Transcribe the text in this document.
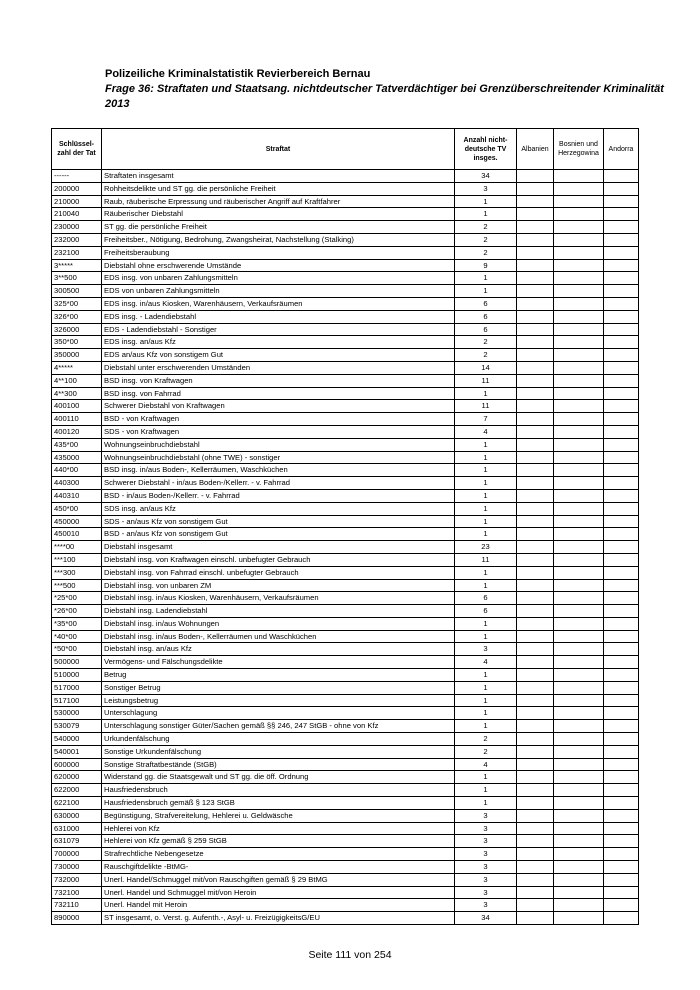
Polizeiliche Kriminalstatistik Revierbereich Bernau
Frage 36: Straftaten und Staatsang. nichtdeutscher Tatverdächtiger bei Grenzüberschreitender Kriminalität 2013
Schlüssel-zahl der Tat	Straftat	Anzahl nicht-deutsche TV insges.	Albanien	Bosnien und Herzegowina	Andorra
------	Straftaten insgesamt	34			
200000	Rohheitsdelikte und ST gg. die persönliche Freiheit	3			
210000	Raub, räuberische Erpressung und räuberischer Angriff auf Kraftfahrer	1			
210040	Räuberischer Diebstahl	1			
230000	ST gg. die persönliche Freiheit	2			
232000	Freiheitsber., Nötigung, Bedrohung, Zwangsheirat, Nachstellung (Stalking)	2			
232100	Freiheitsberaubung	2			
3*****	Diebstahl ohne erschwerende Umstände	9			
3**500	EDS insg. von unbaren Zahlungsmitteln	1			
300500	EDS von unbaren Zahlungsmitteln	1			
325*00	EDS insg. in/aus Kiosken, Warenhäusern, Verkaufsräumen	6			
326*00	EDS insg. - Ladendiebstahl	6			
326000	EDS - Ladendiebstahl - Sonstiger	6			
350*00	EDS insg. an/aus Kfz	2			
350000	EDS an/aus Kfz von sonstigem Gut	2			
4*****	Diebstahl unter erschwerenden Umständen	14			
4**100	BSD insg. von Kraftwagen	11			
4**300	BSD insg. von Fahrrad	1			
400100	Schwerer Diebstahl von Kraftwagen	11			
400110	BSD - von Kraftwagen	7			
400120	SDS - von Kraftwagen	4			
435*00	Wohnungseinbruchdiebstahl	1			
435000	Wohnungseinbruchdiebstahl (ohne TWE) - sonstiger	1			
440*00	BSD insg. in/aus Boden-, Kellerräumen, Waschküchen	1			
440300	Schwerer Diebstahl - in/aus Boden-/Kellerr. - v. Fahrrad	1			
440310	BSD - in/aus Boden-/Kellerr. - v. Fahrrad	1			
450*00	SDS insg. an/aus Kfz	1			
450000	SDS - an/aus Kfz von sonstigem Gut	1			
450010	BSD - an/aus Kfz von sonstigem Gut	1			
****00	Diebstahl insgesamt	23			
***100	Diebstahl insg. von Kraftwagen einschl. unbefugter Gebrauch	11			
***300	Diebstahl insg. von Fahrrad einschl. unbefugter Gebrauch	1			
***500	Diebstahl insg. von unbaren ZM	1			
*25*00	Diebstahl insg. in/aus Kiosken, Warenhäusern, Verkaufsräumen	6			
*26*00	Diebstahl insg. Ladendiebstahl	6			
*35*00	Diebstahl insg. in/aus Wohnungen	1			
*40*00	Diebstahl insg. in/aus Boden-, Kellerräumen und Waschküchen	1			
*50*00	Diebstahl insg. an/aus Kfz	3			
500000	Vermögens- und Fälschungsdelikte	4			
510000	Betrug	1			
517000	Sonstiger Betrug	1			
517100	Leistungsbetrug	1			
530000	Unterschlagung	1			
530079	Unterschlagung sonstiger Güter/Sachen gemäß §§ 246, 247 StGB - ohne von Kfz	1			
540000	Urkundenfälschung	2			
540001	Sonstige Urkundenfälschung	2			
600000	Sonstige Straftatbestände (StGB)	4			
620000	Widerstand gg. die Staatsgewalt und ST gg. die öff. Ordnung	1			
622000	Hausfriedensbruch	1			
622100	Hausfriedensbruch gemäß § 123 StGB	1			
630000	Begünstigung, Strafvereitelung, Hehlerei u. Geldwäsche	3			
631000	Hehlerei von Kfz	3			
631079	Hehlerei von Kfz gemäß § 259 StGB	3			
700000	Strafrechtliche Nebengesetze	3			
730000	Rauschgiftdelikte -BtMG-	3			
732000	Unerl. Handel/Schmuggel mit/von Rauschgiften gemäß § 29 BtMG	3			
732100	Unerl. Handel und Schmuggel mit/von Heroin	3			
732110	Unerl. Handel mit Heroin	3			
890000	ST insgesamt, o. Verst. g. Aufenth.-, Asyl- u. FreizügigkeitsG/EU	34			
Seite 111 von 254
